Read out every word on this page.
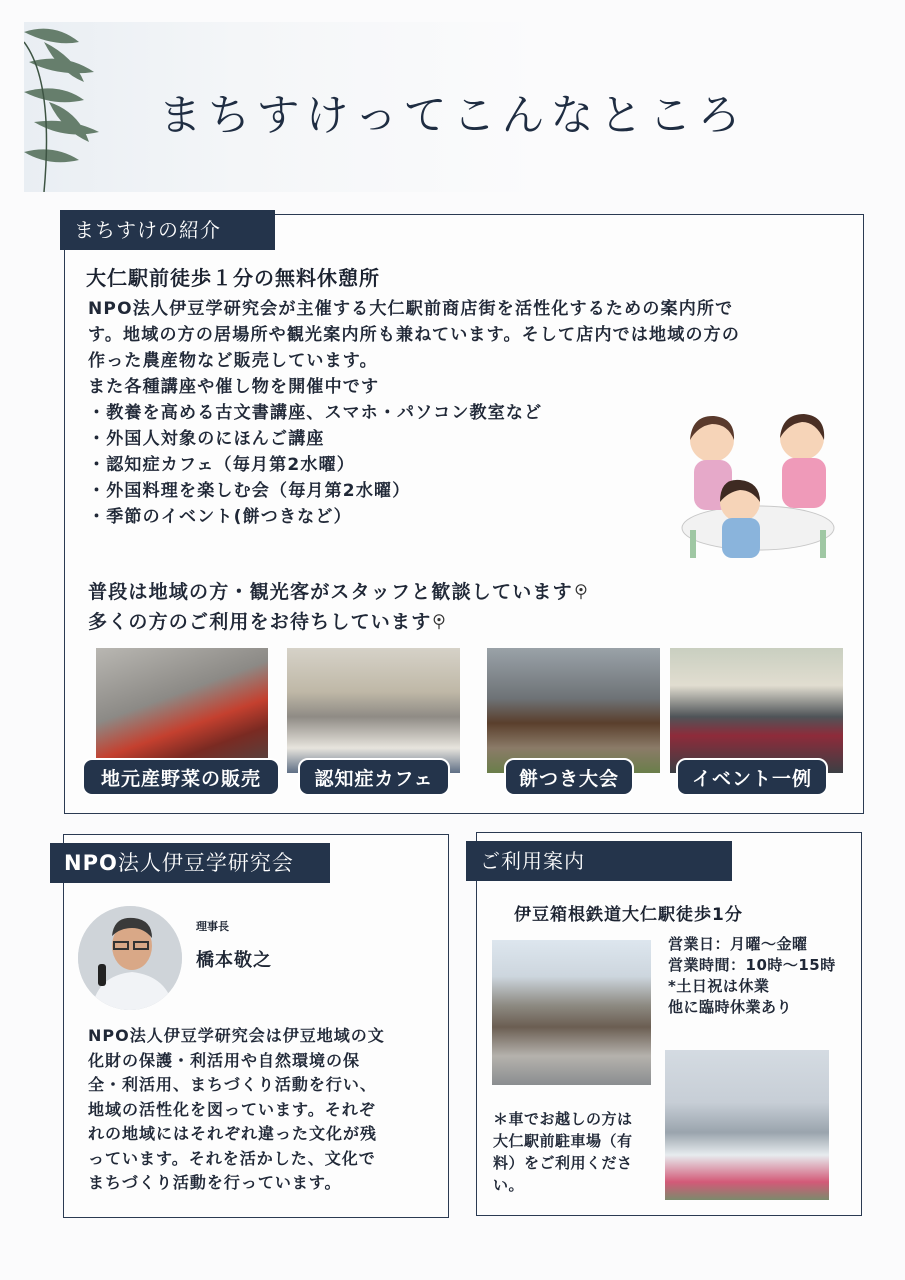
まちすけってこんなところ
まちすけの紹介
大仁駅前徒歩１分の無料休憩所

NPO法人伊豆学研究会が主催する大仁駅前商店街を活性化するための案内所で

す。地域の方の居場所や観光案内所も兼ねています。そして店内では地域の方の

作った農産物など販売しています。

また各種講座や催し物を開催中です

・ 教養を高める古文書講座、スマホ・パソコン教室など
・ 外国人対象のにほんご講座
・ 認知症カフェ（毎月第2水曜）
・ 外国料理を楽しむ会（毎月第2水曜）
・ 季節のイベント(餅つきなど）

普段は地域の方・観光客がスタッフと歓談しています

多くの方のご利用をお待ちしています

地元産野菜の販売	認知症カフェ	餅つき大会	イベント一例
NPO法人伊豆学研究会
理事長
橋本敬之

NPO法人伊豆学研究会は伊豆地域の文

化財の保護・利活用や自然環境の保

全・利活用、まちづくり活動を行い、

地域の活性化を図っています。それぞ

れの地域にはそれぞれ違った文化が残

っています。それを活かした、文化で

まちづくり活動を行っています。

ご利用案内
伊豆箱根鉄道大仁駅徒歩1分

営業日：月曜～金曜

営業時間：10時～15時

*土日祝は休業

他に臨時休業あり

＊車でお越しの方は

大仁駅前駐車場（有

料）をご利用くださ

い。
